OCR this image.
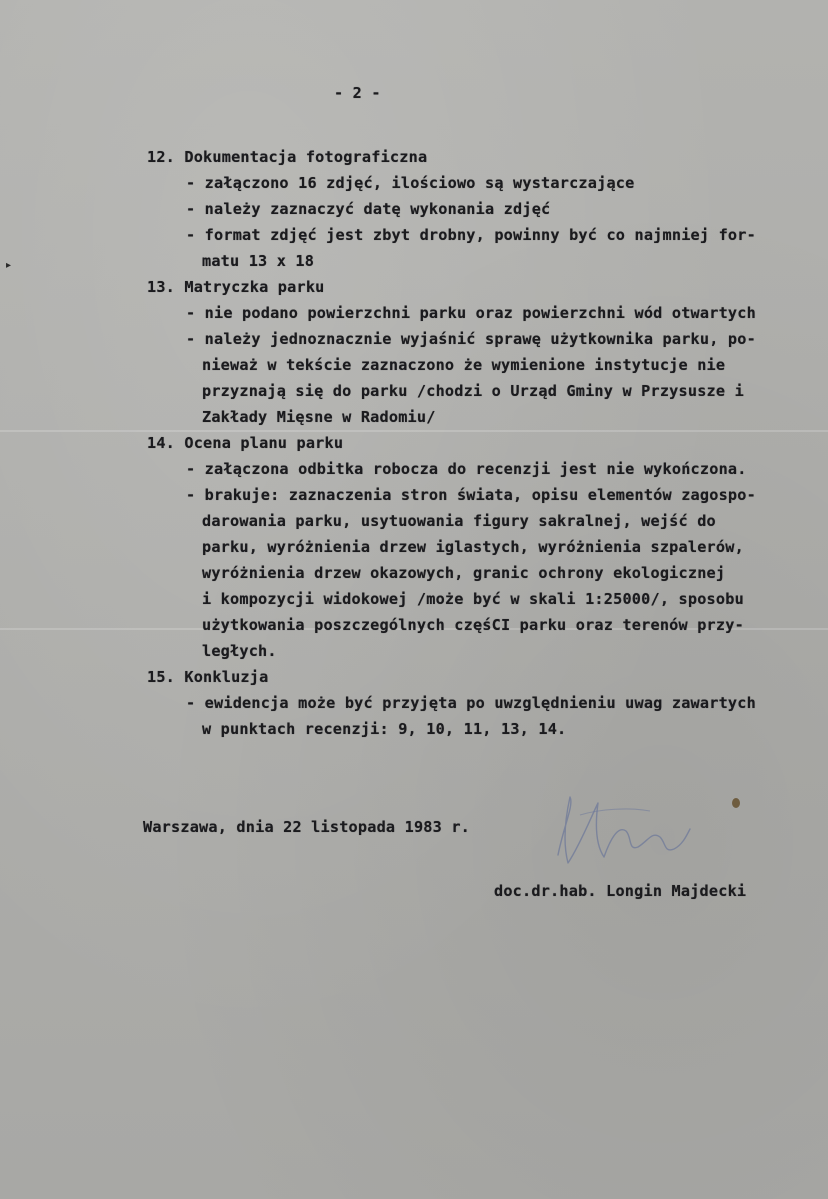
▸
- 2 -
12. Dokumentacja fotograficzna
- załączono 16 zdjęć, ilościowo są wystarczające
- należy zaznaczyć datę wykonania zdjęć
- format zdjęć jest zbyt drobny, powinny być co najmniej for-
matu 13 x 18
13. Matryczka parku
- nie podano powierzchni parku oraz powierzchni wód otwartych
- należy jednoznacznie wyjaśnić sprawę użytkownika parku, po-
nieważ w tekście zaznaczono że wymienione instytucje nie
przyznają się do parku /chodzi o Urząd Gminy w Przysusze i
Zakłady Mięsne w Radomiu/
14. Ocena planu parku
- załączona odbitka robocza do recenzji jest nie wykończona.
- brakuje: zaznaczenia stron świata, opisu elementów zagospo-
darowania parku, usytuowania figury sakralnej, wejść do
parku, wyróżnienia drzew iglastych, wyróżnienia szpalerów,
wyróżnienia drzew okazowych, granic ochrony ekologicznej
i kompozycji widokowej /może być w skali 1:25000/, sposobu
użytkowania poszczególnych częśCI parku oraz terenów przy-
ległych.
15. Konkluzja
- ewidencja może być przyjęta po uwzględnieniu uwag zawartych
w punktach recenzji: 9, 10, 11, 13, 14.
Warszawa, dnia 22 listopada 1983 r.
doc.dr.hab. Longin Majdecki
